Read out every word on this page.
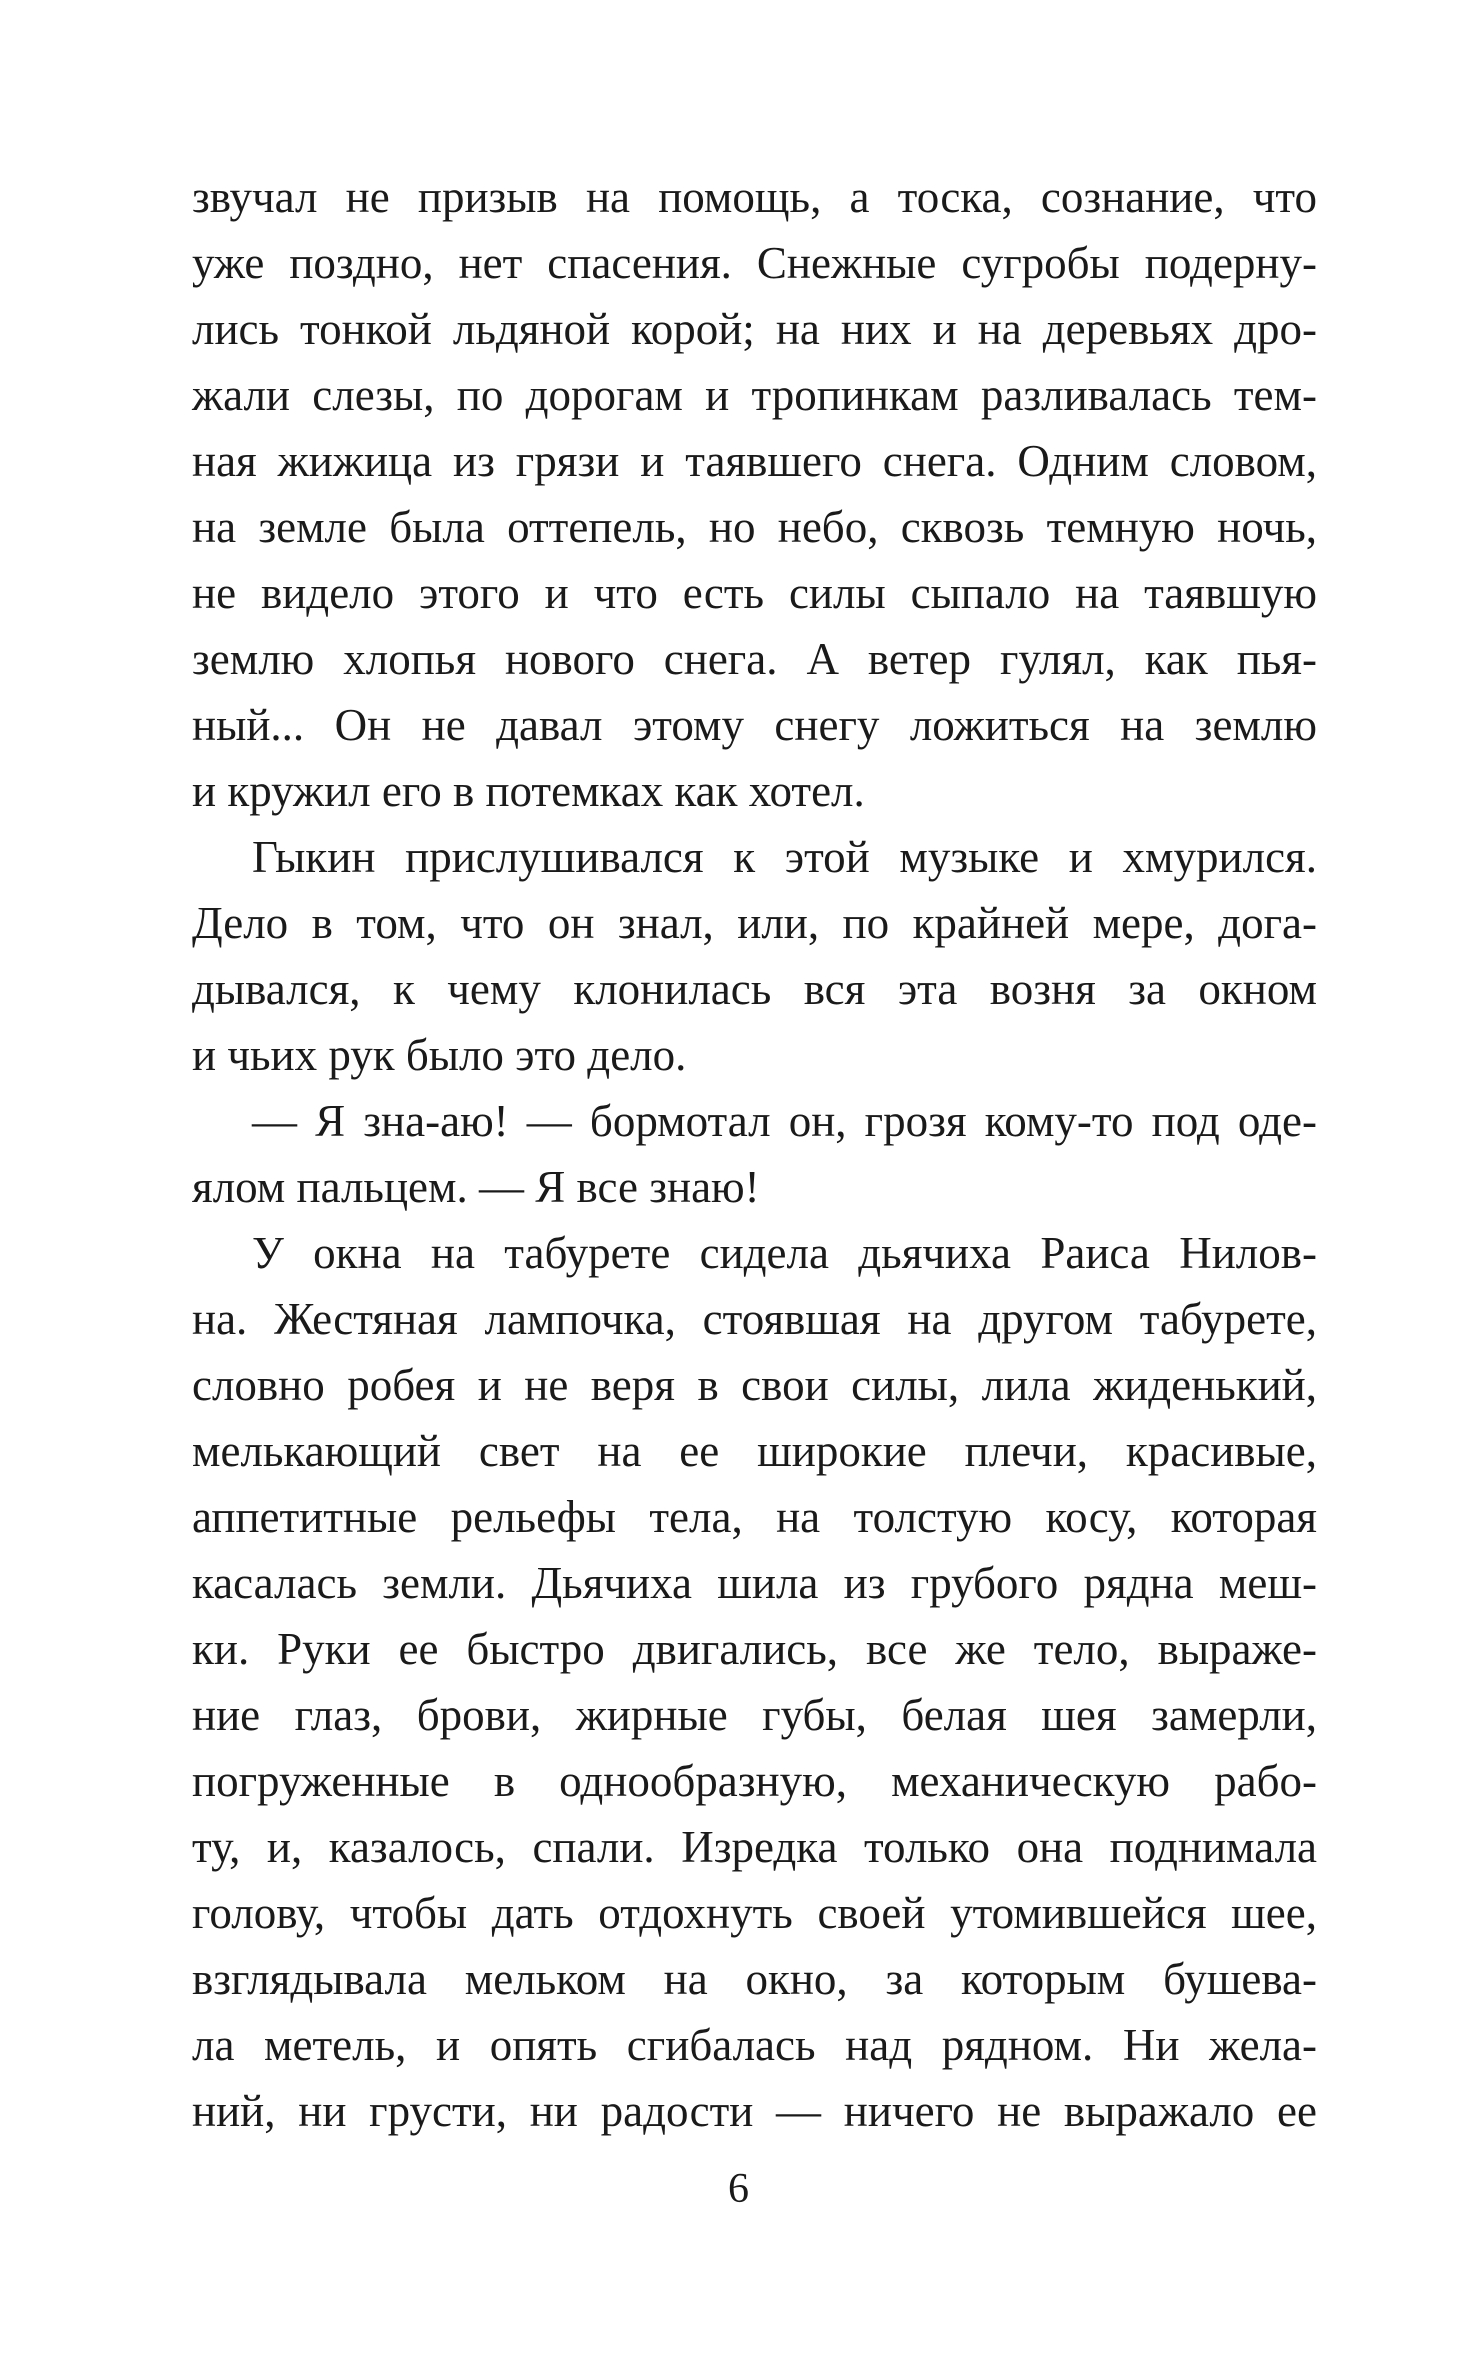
звучал не призыв на помощь, а тоска, сознание, что
уже поздно, нет спасения. Снежные сугробы подерну-
лись тонкой льдяной корой; на них и на деревьях дро-
жали слезы, по дорогам и тропинкам разливалась тем-
ная жижица из грязи и таявшего снега. Одним словом,
на земле была оттепель, но небо, сквозь темную ночь,
не видело этого и что есть силы сыпало на таявшую
землю хлопья нового снега. А ветер гулял, как пья-
ный... Он не давал этому снегу ложиться на землю
и кружил его в потемках как хотел.
Гыкин прислушивался к этой музыке и хмурился.
Дело в том, что он знал, или, по крайней мере, дога-
дывался, к чему клонилась вся эта возня за окном
и чьих рук было это дело.
— Я зна-аю! — бормотал он, грозя кому-то под оде-
ялом пальцем. — Я все знаю!
У окна на табурете сидела дьячиха Раиса Нилов-
на. Жестяная лампочка, стоявшая на другом табурете,
словно робея и не веря в свои силы, лила жиденький,
мелькающий свет на ее широкие плечи, красивые,
аппетитные рельефы тела, на толстую косу, которая
касалась земли. Дьячиха шила из грубого рядна меш-
ки. Руки ее быстро двигались, все же тело, выраже-
ние глаз, брови, жирные губы, белая шея замерли,
погруженные в однообразную, механическую рабо-
ту, и, казалось, спали. Изредка только она поднимала
голову, чтобы дать отдохнуть своей утомившейся шее,
взглядывала мельком на окно, за которым бушева-
ла метель, и опять сгибалась над рядном. Ни жела-
ний, ни грусти, ни радости — ничего не выражало ее
6
